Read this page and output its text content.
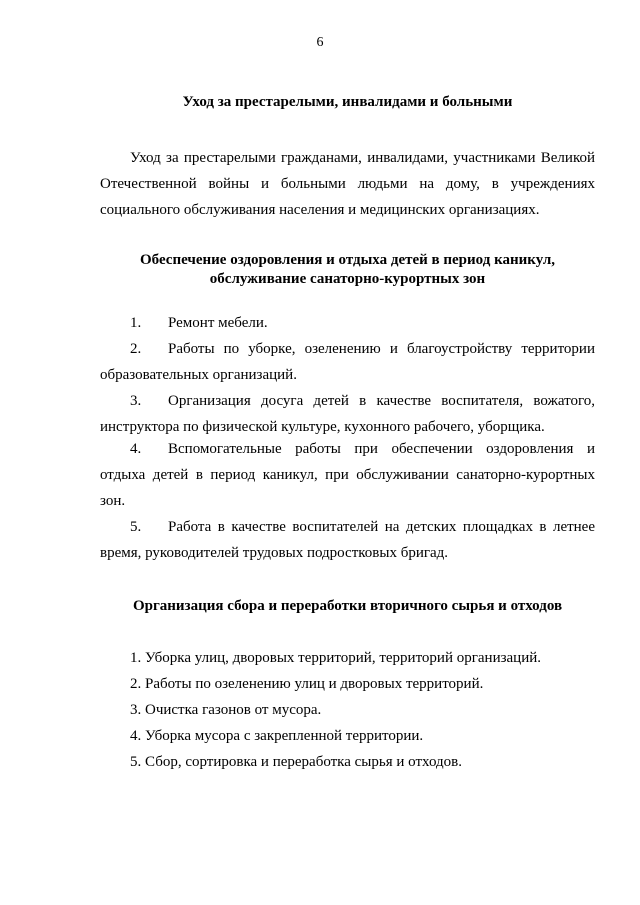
6
Уход за престарелыми, инвалидами и больными
Уход за престарелыми гражданами, инвалидами, участниками Великой Отечественной войны и больными людьми на дому, в учреждениях социального обслуживания населения и медицинских организациях.
Обеспечение оздоровления и отдыха детей в период каникул,
обслуживание санаторно-курортных зон
1. Ремонт мебели.
2. Работы по уборке, озеленению и благоустройству территории образовательных организаций.
3. Организация досуга детей в качестве воспитателя, вожатого, инструктора по физической культуре, кухонного рабочего, уборщика.
4. Вспомогательные работы при обеспечении оздоровления и отдыха детей в период каникул, при обслуживании санаторно-курортных зон.
5. Работа в качестве воспитателей на детских площадках в летнее время, руководителей трудовых подростковых бригад.
Организация сбора и переработки вторичного сырья и отходов
1. Уборка улиц, дворовых территорий, территорий организаций.
2. Работы по озеленению улиц и дворовых территорий.
3. Очистка газонов от мусора.
4. Уборка мусора с закрепленной территории.
5. Сбор, сортировка и переработка сырья и отходов.
